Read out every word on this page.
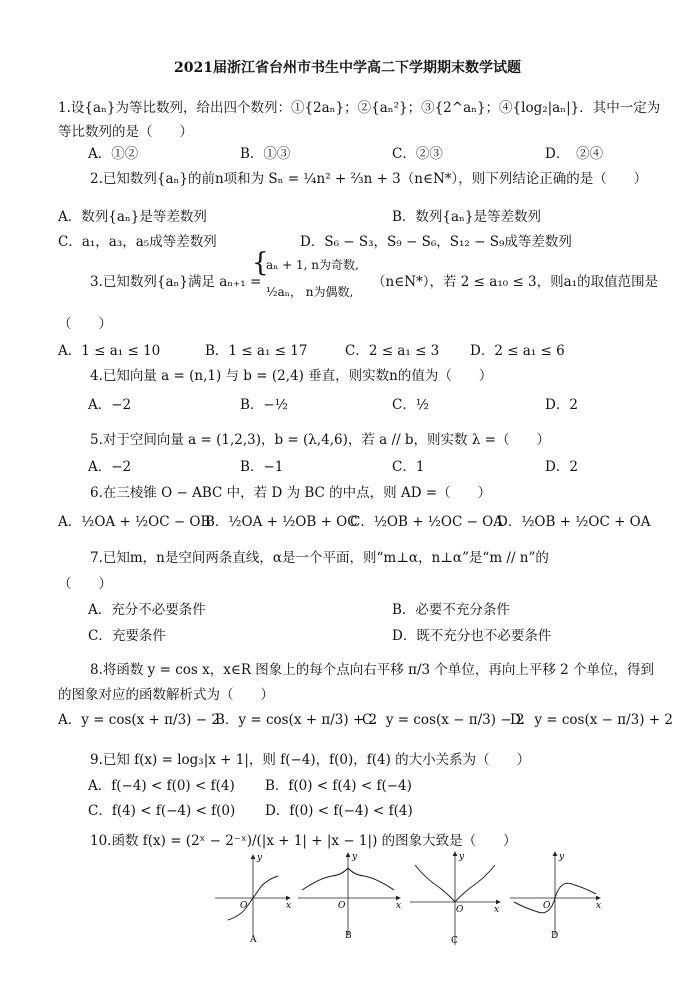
2021届浙江省台州市书生中学高二下学期期末数学试题
1.设{aₙ}为等比数列，给出四个数列：①{2aₙ}；②{aₙ²}；③{2^aₙ}；④{log₂|aₙ|}．其中一定为
等比数列的是（　　）
A．①②	B．①③	C．②③	D．　②④
2.已知数列{aₙ}的前n项和为 Sₙ = ¼n² + ⅔n + 3（n∈N*），则下列结论正确的是（　　）
A．数列{aₙ}是等差数列	B．数列{aₙ}是等差数列
C．a₁，a₃，a₅成等差数列	D．S₆ − S₃，S₉ − S₆，S₁₂ − S₉成等差数列
3.已知数列{aₙ}满足 aₙ₊₁ =
{
aₙ + 1, n为奇数,
½aₙ， n为偶数,
（n∈N*），若 2 ≤ a₁₀ ≤ 3，则a₁的取值范围是
（　　）
A．1 ≤ a₁ ≤ 10	B．1 ≤ a₁ ≤ 17	C．2 ≤ a₁ ≤ 3 D．2 ≤ a₁ ≤ 6
4.已知向量 a = (n,1) 与 b = (2,4) 垂直，则实数n的值为（　　）
A．−2	B．−½	C．½	D．2
5.对于空间向量 a = (1,2,3)，b = (λ,4,6)，若 a // b，则实数 λ =（　　）
A．−2	B．−1	C．1	D．2
6.在三棱锥 O − ABC 中，若 D 为 BC 的中点，则 AD =（　　）
A．½OA + ½OC − OB
B．½OA + ½OB + OC
C．½OB + ½OC − OA
D．½OB + ½OC + OA
7.已知m，n是空间两条直线，α是一个平面，则“m⊥α，n⊥α”是“m // n”的
（　　）
A．充分不必要条件	B．必要不充分条件
C．充要条件	D．既不充分也不必要条件
8.将函数 y = cos x，x∈R 图象上的每个点向右平移 π/3 个单位，再向上平移 2 个单位，得到
的图象对应的函数解析式为（　　）
A．y = cos(x + π/3) − 2
B．y = cos(x + π/3) + 2
C．y = cos(x − π/3) − 2
D．y = cos(x − π/3) + 2
9.已知 f(x) = log₃|x + 1|，则 f(−4)，f(0)，f(4) 的大小关系为（　　）
A．f(−4) < f(0) < f(4) B．f(0) < f(4) < f(−4)
C．f(4) < f(−4) < f(0) D．f(0) < f(−4) < f(4)
10.函数 f(x) = (2ˣ − 2⁻ˣ)/(|x + 1| + |x − 1|) 的图象大致是（　　）
O	x
y
A
O	x
y
B
O	x
y
C
O	x
y
D
